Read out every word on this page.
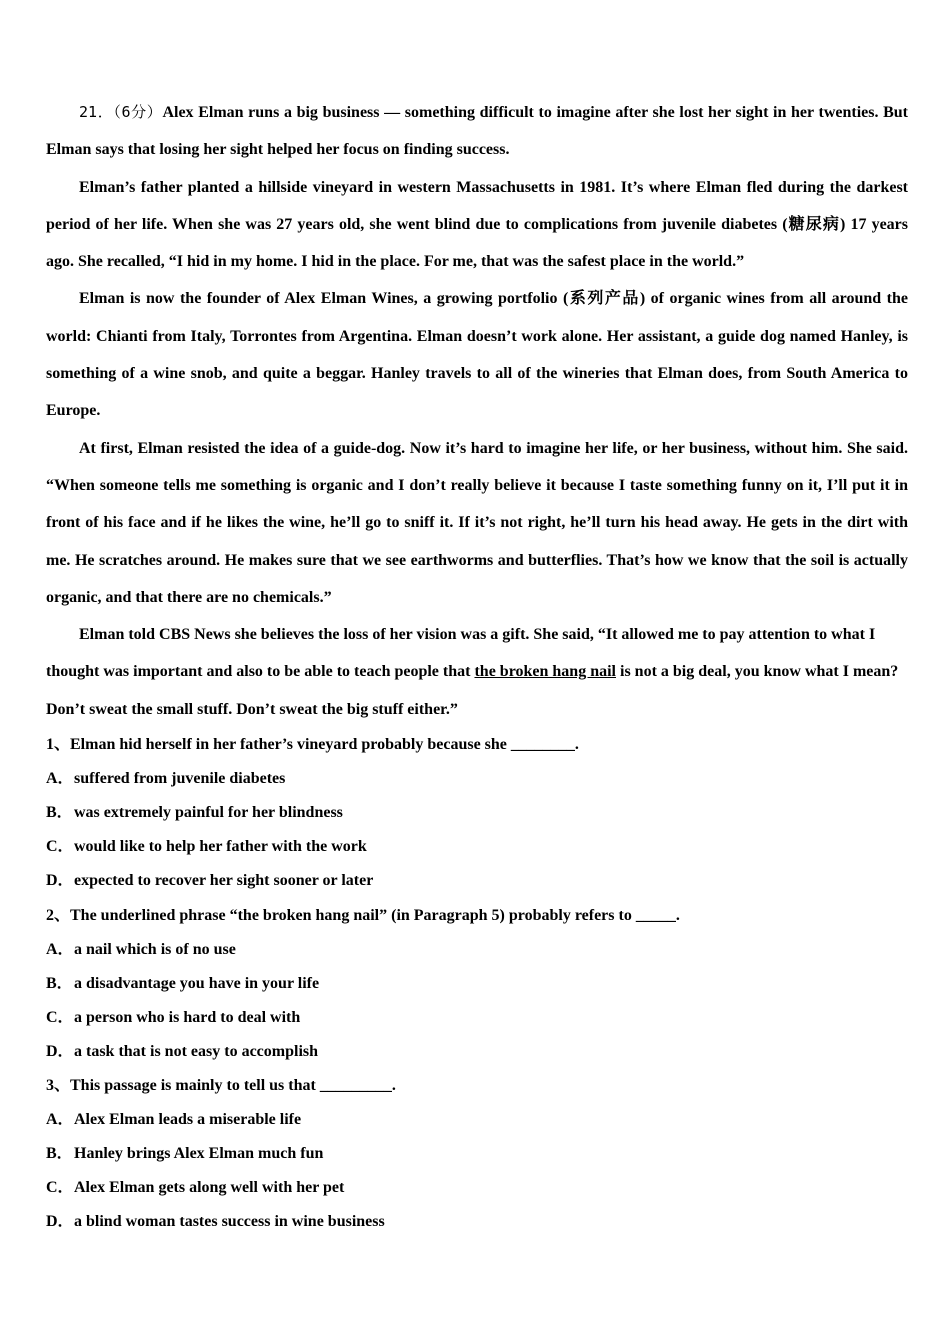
21．（6分）Alex Elman runs a big business — something difficult to imagine after she lost her sight in her twenties. But Elman says that losing her sight helped her focus on finding success.

Elman’s father planted a hillside vineyard in western Massachusetts in 1981. It’s where Elman fled during the darkest period of her life. When she was 27 years old, she went blind due to complications from juvenile diabetes (糖尿病) 17 years ago. She recalled, “I hid in my home. I hid in the place. For me, that was the safest place in the world.”

Elman is now the founder of Alex Elman Wines, a growing portfolio (系列产品) of organic wines from all around the world: Chianti from Italy, Torrontes from Argentina. Elman doesn’t work alone. Her assistant, a guide dog named Hanley, is something of a wine snob, and quite a beggar. Hanley travels to all of the wineries that Elman does, from South America to Europe.

At first, Elman resisted the idea of a guide-dog. Now it’s hard to imagine her life, or her business, without him. She said. “When someone tells me something is organic and I don’t really believe it because I taste something funny on it, I’ll put it in front of his face and if he likes the wine, he’ll go to sniff it. If it’s not right, he’ll turn his head away. He gets in the dirt with me. He scratches around. He makes sure that we see earthworms and butterflies. That’s how we know that the soil is actually organic, and that there are no chemicals.”

Elman told CBS News she believes the loss of her vision was a gift. She said, “It allowed me to pay attention to what I thought was important and also to be able to teach people that the broken hang nail is not a big deal, you know what I mean? Don’t sweat the small stuff. Don’t sweat the big stuff either.”

1、Elman hid herself in her father’s vineyard probably because she ________.

A．suffered from juvenile diabetes

B．was extremely painful for her blindness

C．would like to help her father with the work

D．expected to recover her sight sooner or later

2、The underlined phrase “the broken hang nail” (in Paragraph 5) probably refers to _____.

A．a nail which is of no use

B．a disadvantage you have in your life

C．a person who is hard to deal with

D．a task that is not easy to accomplish

3、This passage is mainly to tell us that _________.

A．Alex Elman leads a miserable life

B．Hanley brings Alex Elman much fun

C．Alex Elman gets along well with her pet

D．a blind woman tastes success in wine business
